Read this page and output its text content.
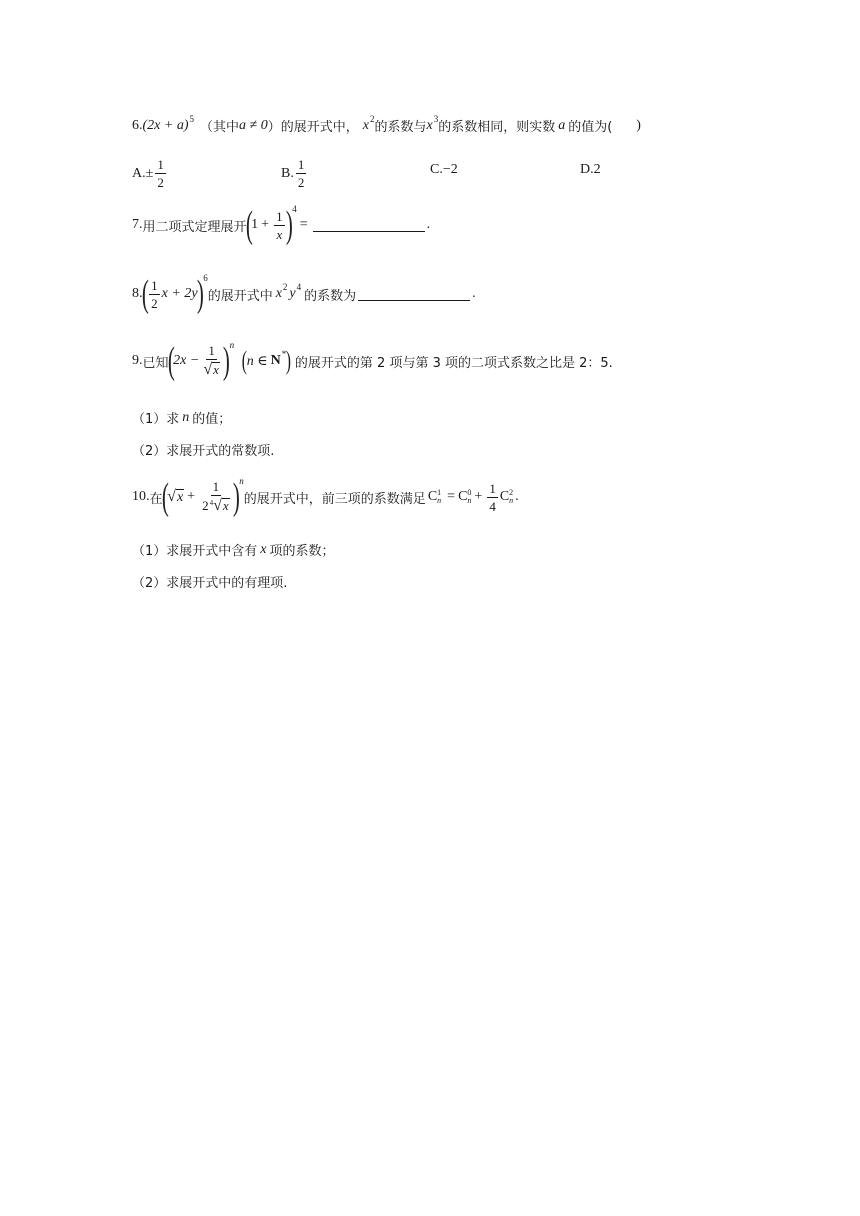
6. $(2x + a)^5$
（其中 a ≠ 0 ） 的展开式中， $x^2$
的系数与 $x^3$
的系数相同，则实数 a 的值为( )
A. ± $\frac{1}{2}$	B. $\frac{1}{2}$	C. −2	D. 2
7. 用二项式定理展开
(
$1 + \frac{1}{x} )^4$
=	.
8.
( $\frac{1}{2}$ x + 2y
)$^6$
的展开式中 $x^2$ $y^4$
的系数为	.
9. 已知
(
$2x - \frac{1}{√ x} )^n$
( n ∈ N* ) 的展开式的第 2 项与第 3 项的二项式系数之比是 2：5.
（1）求 n 的值；
（2）求展开式的常数项.
10. 在
(
√ $x + \frac{1}{2^4 √ x} )^n$
的展开式中，前三项的系数满足 C 1
n = C 0
$n + \frac{1}{4}$ C 2
n .
（1）求展开式中含有 x 项的系数；
（2）求展开式中的有理项.
